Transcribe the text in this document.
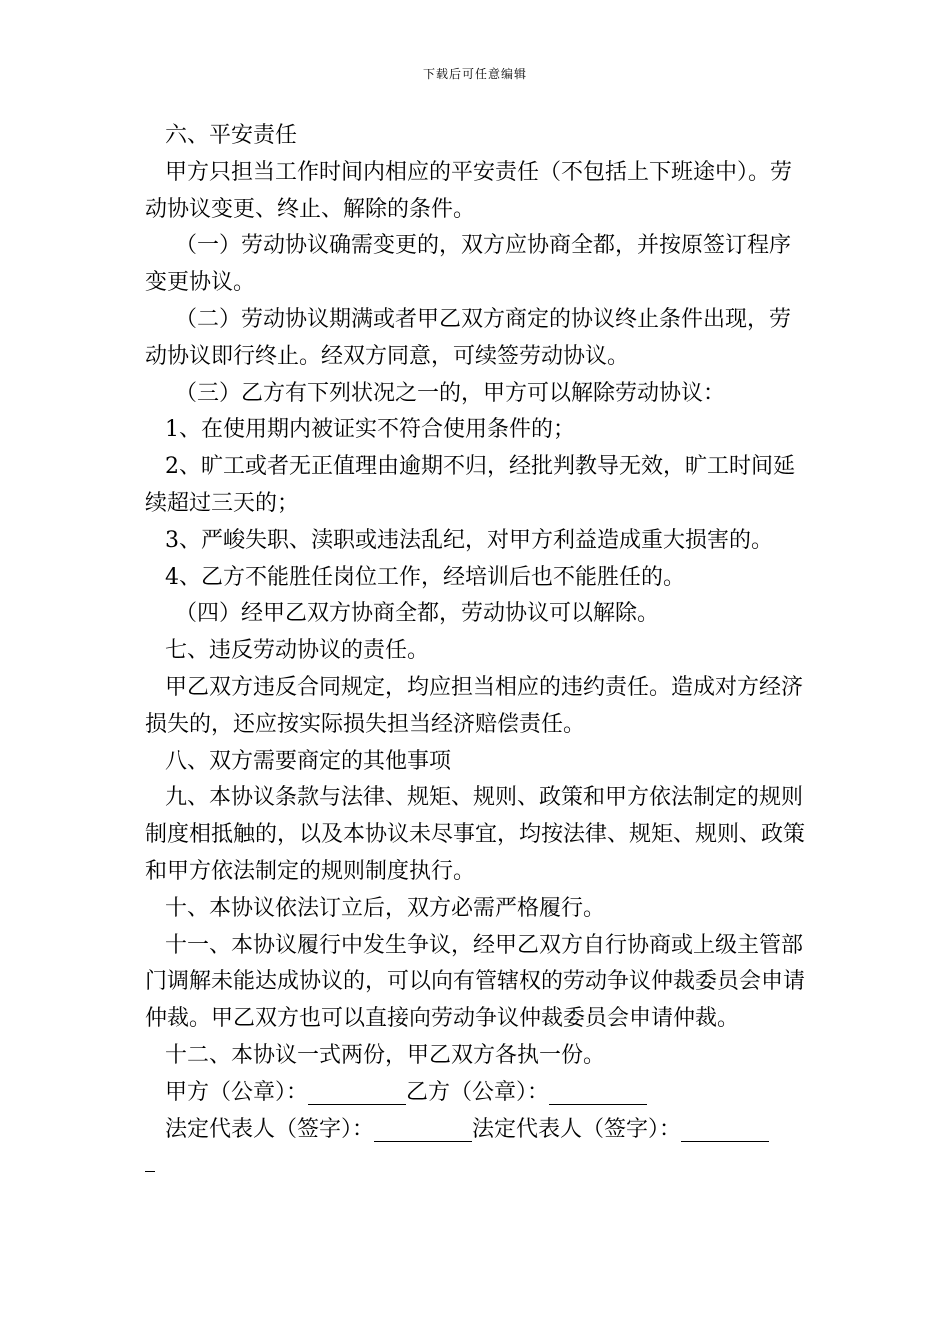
下载后可任意编辑

六、平安责任

甲方只担当工作时间内相应的平安责任（不包括上下班途中）。劳动协议变更、终止、解除的条件。

（一）劳动协议确需变更的，双方应协商全都，并按原签订程序变更协议。

（二）劳动协议期满或者甲乙双方商定的协议终止条件出现，劳动协议即行终止。经双方同意，可续签劳动协议。

（三）乙方有下列状况之一的，甲方可以解除劳动协议：

1、在使用期内被证实不符合使用条件的；

2、旷工或者无正值理由逾期不归，经批判教导无效，旷工时间延续超过三天的；

3、严峻失职、渎职或违法乱纪，对甲方利益造成重大损害的。

4、乙方不能胜任岗位工作，经培训后也不能胜任的。

（四）经甲乙双方协商全都，劳动协议可以解除。

七、违反劳动协议的责任。

甲乙双方违反合同规定，均应担当相应的违约责任。造成对方经济损失的，还应按实际损失担当经济赔偿责任。

八、双方需要商定的其他事项

九、本协议条款与法律、规矩、规则、政策和甲方依法制定的规则制度相抵触的，以及本协议未尽事宜，均按法律、规矩、规则、政策和甲方依法制定的规则制度执行。

十、本协议依法订立后，双方必需严格履行。

十一、本协议履行中发生争议，经甲乙双方自行协商或上级主管部门调解未能达成协议的，可以向有管辖权的劳动争议仲裁委员会申请仲裁。甲乙双方也可以直接向劳动争议仲裁委员会申请仲裁。

十二、本协议一式两份，甲乙双方各执一份。

甲方（公章）：	乙方（公章）：

法定代表人（签字）：	法定代表人（签字）：
